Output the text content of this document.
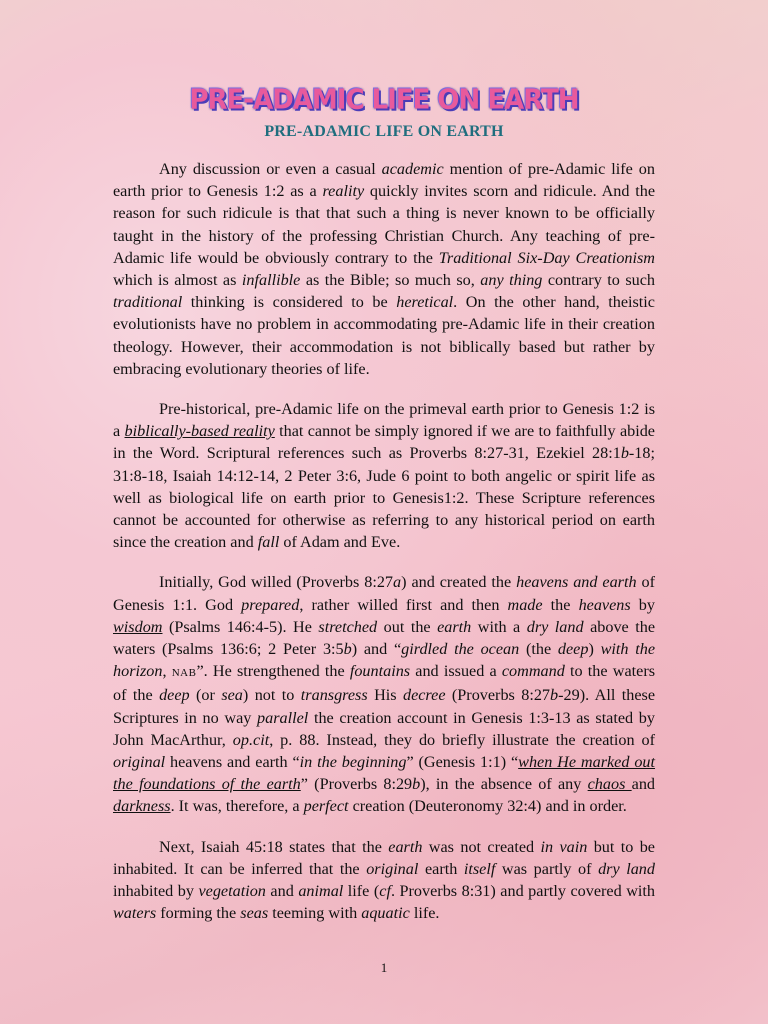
PRE-ADAMIC LIFE ON EARTH
PRE-ADAMIC LIFE ON EARTH

Any discussion or even a casual academic mention of pre-Adamic life on earth prior to Genesis 1:2 as a reality quickly invites scorn and ridicule. And the reason for such ridicule is that that such a thing is never known to be officially taught in the history of the professing Christian Church. Any teaching of pre-Adamic life would be obviously contrary to the Traditional Six-Day Creationism which is almost as infallible as the Bible; so much so, any thing contrary to such traditional thinking is considered to be heretical. On the other hand, theistic evolutionists have no problem in accommodating pre-Adamic life in their creation theology. However, their accommodation is not biblically based but rather by embracing evolutionary theories of life.

Pre-historical, pre-Adamic life on the primeval earth prior to Genesis 1:2 is a biblically-based reality that cannot be simply ignored if we are to faithfully abide in the Word. Scriptural references such as Proverbs 8:27-31, Ezekiel 28:1b-18; 31:8-18, Isaiah 14:12-14, 2 Peter 3:6, Jude 6 point to both angelic or spirit life as well as biological life on earth prior to Genesis1:2. These Scripture references cannot be accounted for otherwise as referring to any historical period on earth since the creation and fall of Adam and Eve.

Initially, God willed (Proverbs 8:27a) and created the heavens and earth of Genesis 1:1. God prepared, rather willed first and then made the heavens by wisdom (Psalms 146:4-5). He stretched out the earth with a dry land above the waters (Psalms 136:6; 2 Peter 3:5b) and “girdled the ocean (the deep) with the horizon, NAB”. He strengthened the fountains and issued a command to the waters of the deep (or sea) not to transgress His decree (Proverbs 8:27b-29). All these Scriptures in no way parallel the creation account in Genesis 1:3-13 as stated by John MacArthur, op.cit, p. 88. Instead, they do briefly illustrate the creation of original heavens and earth “in the beginning” (Genesis 1:1) “when He marked out the foundations of the earth” (Proverbs 8:29b), in the absence of any chaos and darkness. It was, therefore, a perfect creation (Deuteronomy 32:4) and in order.

Next, Isaiah 45:18 states that the earth was not created in vain but to be inhabited. It can be inferred that the original earth itself was partly of dry land inhabited by vegetation and animal life (cf. Proverbs 8:31) and partly covered with waters forming the seas teeming with aquatic life.

1
